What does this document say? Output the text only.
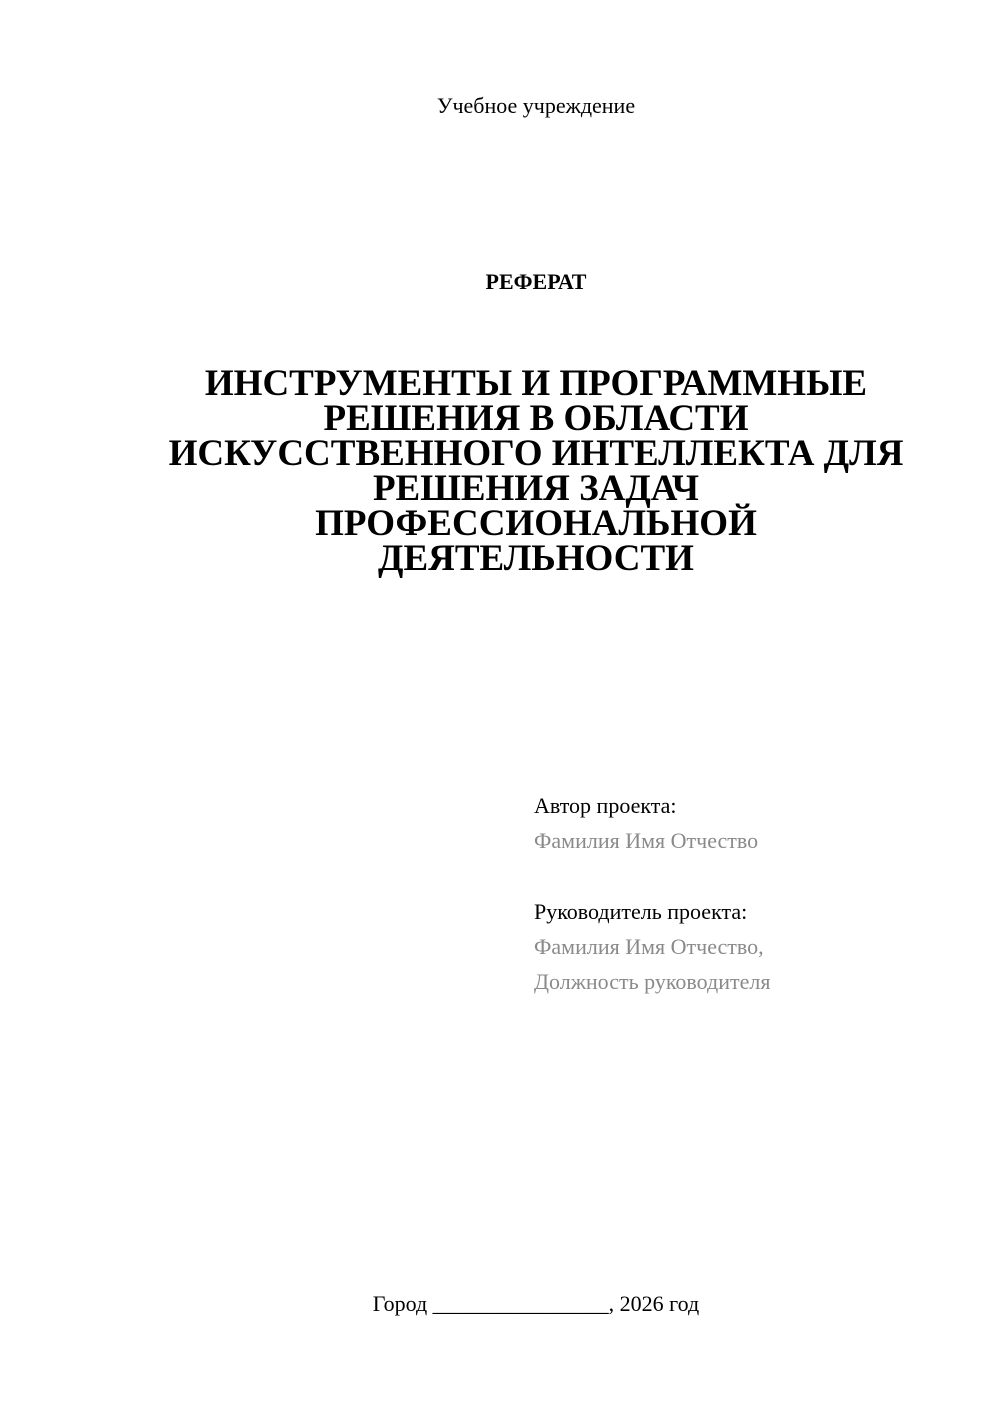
Учебное учреждение
РЕФЕРАТ
ИНСТРУМЕНТЫ И ПРОГРАММНЫЕ
РЕШЕНИЯ В ОБЛАСТИ
ИСКУССТВЕННОГО ИНТЕЛЛЕКТА ДЛЯ
РЕШЕНИЯ ЗАДАЧ
ПРОФЕССИОНАЛЬНОЙ
ДЕЯТЕЛЬНОСТИ
Автор проекта:
Фамилия Имя Отчество
Руководитель проекта:
Фамилия Имя Отчество,
Должность руководителя
Город ________________, 2026 год
